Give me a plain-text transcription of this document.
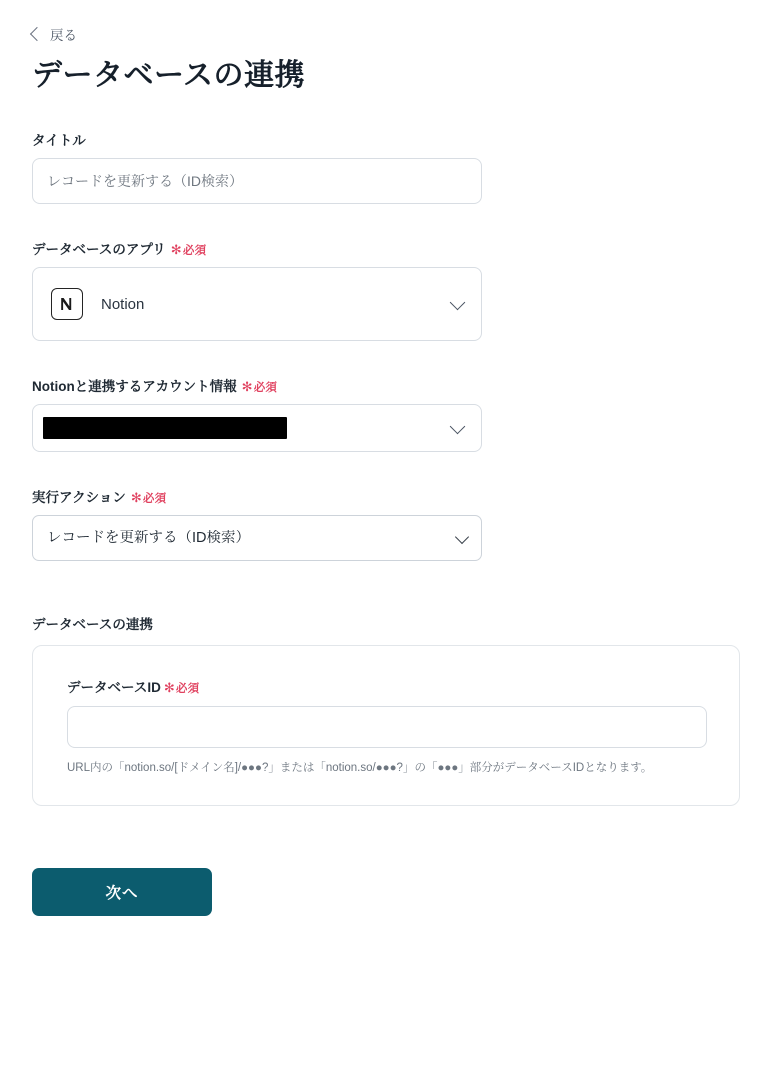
戻る
データベースの連携
タイトル
レコードを更新する（ID検索）
データベースのアプリ ✻必須
Notion
Notionと連携するアカウント情報 ✻必須
実行アクション ✻必須
レコードを更新する（ID検索）
データベースの連携
データベースID ✻必須
URL内の「notion.so/[ドメイン名]/●●●?」または「notion.so/●●●?」の「●●●」部分がデータベースIDとなります。
次へ
